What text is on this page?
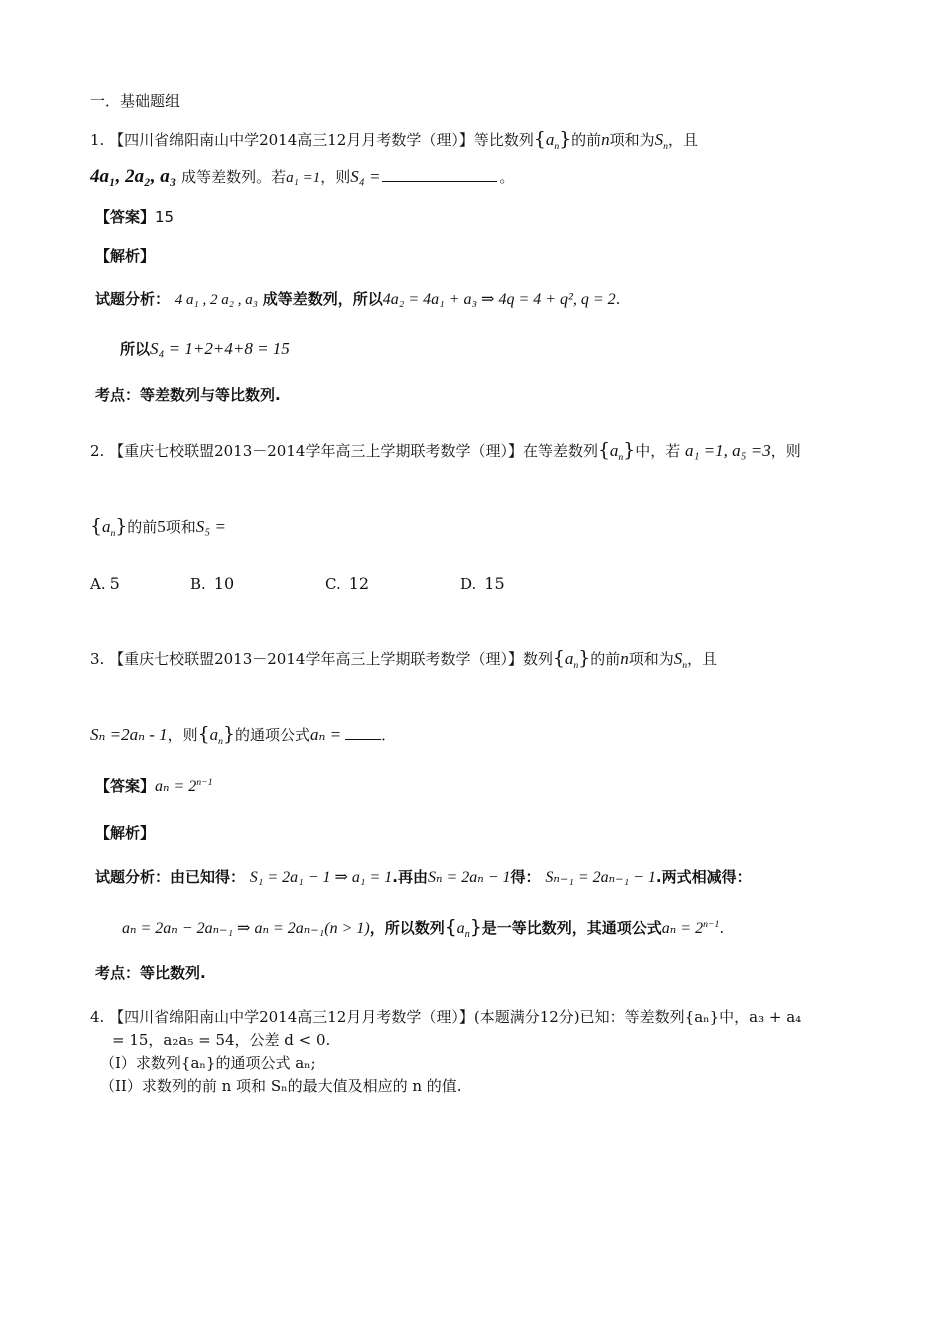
一．基础题组
1. 【四川省绵阳南山中学2014高三12月月考数学（理）】等比数列$\{a_n\}$的前n项和为$S_n$，且
4a₁, 2a₂, a₃ 成等差数列。若a₁ =1，则S₄ =	。
【答案】15
【解析】
试题分析： 4 a₁ , 2 a₂ , a₃ 成等差数列，所以4a₂ = 4a₁ + a₃ ⇒ 4q = 4 + q², q = 2.
所以S₄ = 1+2+4+8 = 15
考点：等差数列与等比数列.
2. 【重庆七校联盟2013－2014学年高三上学期联考数学（理）】在等差数列$\{a_n\}$中，若 a₁ =1, a₅ =3，则
$\{a_n\}$的前5项和S₅ =
A. 5	B. 10	C. 12	D. 15
3. 【重庆七校联盟2013－2014学年高三上学期联考数学（理）】数列$\{a_n\}$的前n项和为$S_n$，且
Sₙ =2aₙ - 1，则$\{a_n\}$的通项公式aₙ =	．
【答案】$a_n = 2^{n-1}$
【解析】
试题分析：由已知得： S₁ = 2a₁ − 1 ⇒ a₁ = 1.再由Sₙ = 2aₙ − 1得： Sₙ₋₁ = 2aₙ₋₁ − 1.两式相减得：
aₙ = 2aₙ − 2aₙ₋₁ ⇒ aₙ = 2aₙ₋₁(n > 1)，所以数列$\{a_n\}$是一等比数列，其通项公式$a_n = 2^{n-1}$.
考点：等比数列.
4. 【四川省绵阳南山中学2014高三12月月考数学（理）】(本题满分12分)已知：等差数列{aₙ}中，a₃ + a₄
= 15，a₂a₅ = 54，公差 d < 0.
（I）求数列{aₙ}的通项公式 aₙ;
（II）求数列的前 n 项和 Sₙ的最大值及相应的 n 的值.
